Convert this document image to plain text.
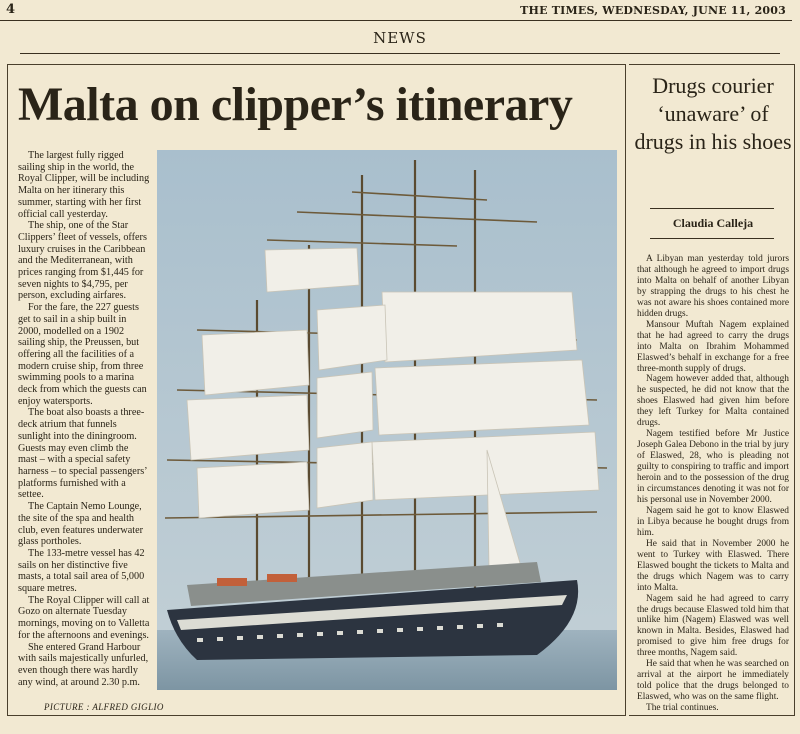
4	THE TIMES, WEDNESDAY, JUNE 11, 2003
NEWS
Malta on clipper’s itinerary

The largest fully rigged sailing ship in the world, the Royal Clipper, will be including Malta on her itinerary this summer, starting with her first official call yesterday.

The ship, one of the Star Clippers’ fleet of vessels, offers luxury cruises in the Caribbean and the Mediterranean, with prices ranging from $1,445 for seven nights to $4,795, per person, excluding airfares.

For the fare, the 227 guests get to sail in a ship built in 2000, modelled on a 1902 sailing ship, the Preussen, but offering all the facilities of a modern cruise ship, from three swimming pools to a marina deck from which the guests can enjoy watersports.

The boat also boasts a three-deck atrium that funnels sunlight into the diningroom. Guests may even climb the mast – with a special safety harness – to special passengers’ platforms furnished with a settee.

The Captain Nemo Lounge, the site of the spa and health club, even features underwater glass portholes.

The 133-metre vessel has 42 sails on her distinctive five masts, a total sail area of 5,000 square metres.

The Royal Clipper will call at Gozo on alternate Tuesday mornings, moving on to Valletta for the afternoons and evenings.

She entered Grand Harbour with sails majestically unfurled, even though there was hardly any wind, at around 2.30 p.m.

PICTURE : ALFRED GIGLIO
Drugs courier ‘unaware’ of drugs in his shoes
Claudia Calleja

A Libyan man yesterday told jurors that although he agreed to import drugs into Malta on behalf of another Libyan by strapping the drugs to his chest he was not aware his shoes contained more hidden drugs.

Mansour Muftah Nagem explained that he had agreed to carry the drugs into Malta on Ibrahim Mohammed Elaswed’s behalf in exchange for a free three-month supply of drugs.

Nagem however added that, although he suspected, he did not know that the shoes Elaswed had given him before they left Turkey for Malta contained drugs.

Nagem testified before Mr Justice Joseph Galea Debono in the trial by jury of Elaswed, 28, who is pleading not guilty to conspiring to traffic and import heroin and to the possession of the drug in circumstances denoting it was not for his personal use in November 2000.

Nagem said he got to know Elaswed in Libya because he bought drugs from him.

He said that in November 2000 he went to Turkey with Elaswed. There Elaswed bought the tickets to Malta and the drugs which Nagem was to carry into Malta.

Nagem said he had agreed to carry the drugs because Elaswed told him that unlike him (Nagem) Elaswed was well known in Malta. Besides, Elaswed had promised to give him free drugs for three months, Nagem said.

He said that when he was searched on arrival at the airport he immediately told police that the drugs belonged to Elaswed, who was on the same flight.

The trial continues.
